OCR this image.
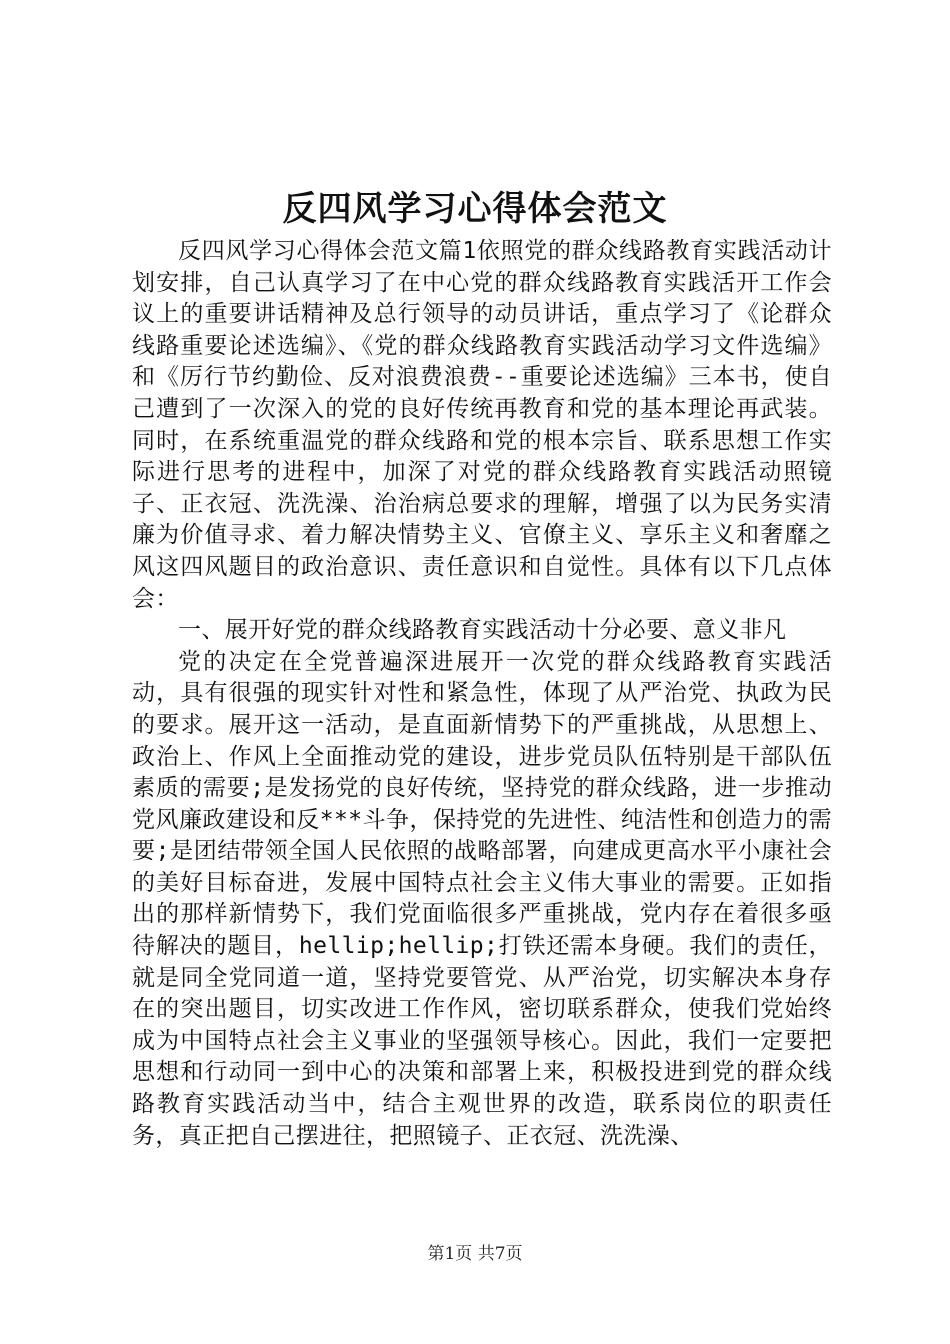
反四风学习心得体会范文

反四风学习心得体会范文篇1依照党的群众线路教育实践活动计划安排，自己认真学习了在中心党的群众线路教育实践活开工作会议上的重要讲话精神及总行领导的动员讲话，重点学习了《论群众线路重要论述选编》、《党的群众线路教育实践活动学习文件选编》和《厉行节约勤俭、反对浪费浪费--重要论述选编》三本书，使自己遭到了一次深入的党的良好传统再教育和党的基本理论再武装。同时，在系统重温党的群众线路和党的根本宗旨、联系思想工作实际进行思考的进程中，加深了对党的群众线路教育实践活动照镜子、正衣冠、洗洗澡、治治病总要求的理解，增强了以为民务实清廉为价值寻求、着力解决情势主义、官僚主义、享乐主义和奢靡之风这四风题目的政治意识、责任意识和自觉性。具体有以下几点体会：

一、展开好党的群众线路教育实践活动十分必要、意义非凡

党的决定在全党普遍深进展开一次党的群众线路教育实践活动，具有很强的现实针对性和紧急性，体现了从严治党、执政为民的要求。展开这一活动，是直面新情势下的严重挑战，从思想上、政治上、作风上全面推动党的建设，进步党员队伍特别是干部队伍素质的需要;是发扬党的良好传统，坚持党的群众线路，进一步推动党风廉政建设和反***斗争，保持党的先进性、纯洁性和创造力的需要;是团结带领全国人民依照的战略部署，向建成更高水平小康社会的美好目标奋进，发展中国特点社会主义伟大事业的需要。正如指出的那样新情势下，我们党面临很多严重挑战，党内存在着很多亟待解决的题目，hellip;hellip;打铁还需本身硬。我们的责任，就是同全党同道一道，坚持党要管党、从严治党，切实解决本身存在的突出题目，切实改进工作作风，密切联系群众，使我们党始终成为中国特点社会主义事业的坚强领导核心。因此，我们一定要把思想和行动同一到中心的决策和部署上来，积极投进到党的群众线路教育实践活动当中，结合主观世界的改造，联系岗位的职责任务，真正把自己摆进往，把照镜子、正衣冠、洗洗澡、

第1页 共7页
